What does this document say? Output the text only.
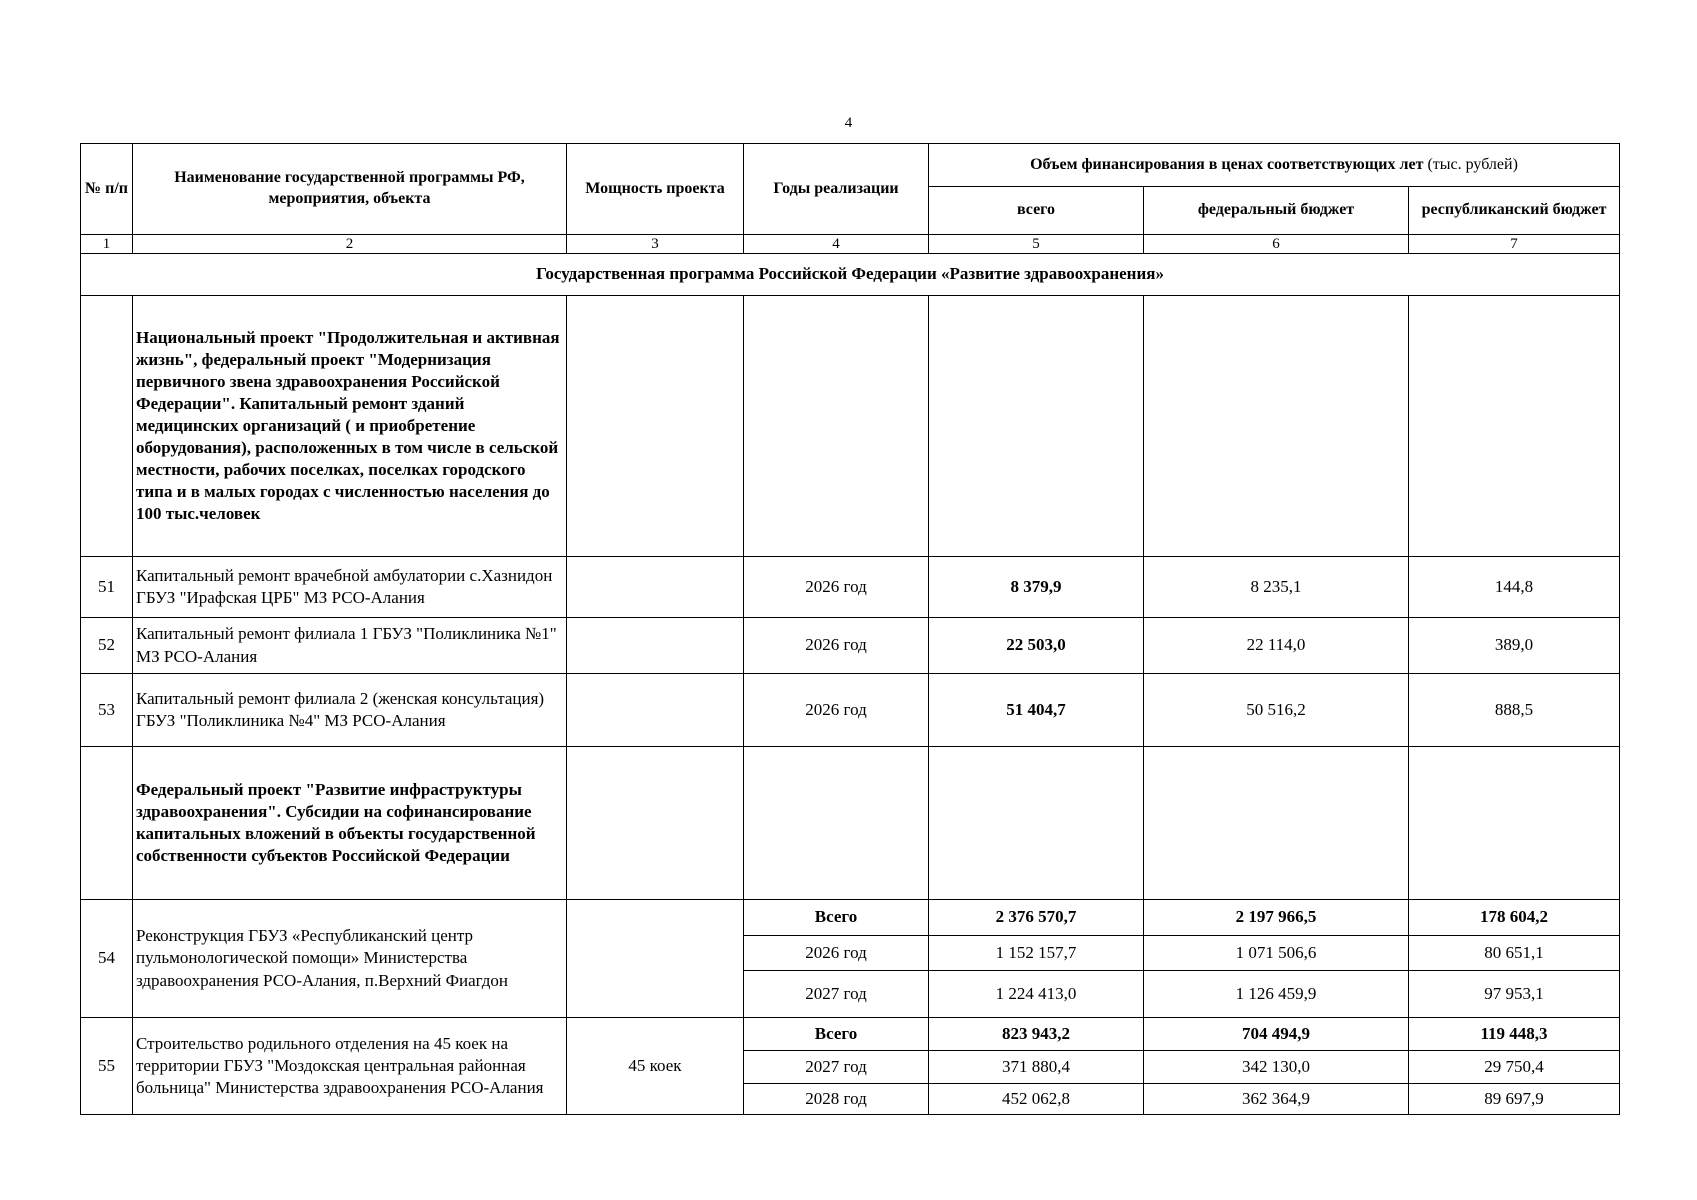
4
№ п/п	Наименование государственной программы РФ, мероприятия, объекта	Мощность проекта	Годы реализации	Объем финансирования в ценах соответствующих лет (тыс. рублей)		
				всего	федеральный бюджет	республиканский бюджет
1	2	3	4	5	6	7
Государственная программа Российской Федерации «Развитие здравоохранения»						
	Национальный проект "Продолжительная и активная жизнь", федеральный проект "Модернизация первичного звена здравоохранения Российской Федерации". Капитальный ремонт зданий медицинских организаций ( и приобретение оборудования), расположенных в том числе в сельской местности, рабочих поселках, поселках городского типа и в малых городах с численностью населения до 100 тыс.человек					
51	Капитальный ремонт врачебной амбулатории с.Хазнидон ГБУЗ "Ирафская ЦРБ" МЗ РСО-Алания		2026 год	8 379,9	8 235,1	144,8
52	Капитальный ремонт филиала 1 ГБУЗ "Поликлиника №1" МЗ РСО-Алания		2026 год	22 503,0	22 114,0	389,0
53	Капитальный ремонт филиала 2 (женская консультация) ГБУЗ "Поликлиника №4" МЗ РСО-Алания		2026 год	51 404,7	50 516,2	888,5
	Федеральный проект "Развитие инфраструктуры здравоохранения". Субсидии на софинансирование капитальных вложений в объекты государственной собственности субъектов Российской Федерации					
54	Реконструкция ГБУЗ «Республиканский центр пульмонологической помощи» Министерства здравоохранения РСО-Алания, п.Верхний Фиагдон		Всего	2 376 570,7	2 197 966,5	178 604,2
			2026 год	1 152 157,7	1 071 506,6	80 651,1
			2027 год	1 224 413,0	1 126 459,9	97 953,1
55	Строительство родильного отделения на 45 коек на территории ГБУЗ "Моздокская центральная районная больница" Министерства здравоохранения РСО-Алания	45 коек	Всего	823 943,2	704 494,9	119 448,3
			2027 год	371 880,4	342 130,0	29 750,4
			2028 год	452 062,8	362 364,9	89 697,9
